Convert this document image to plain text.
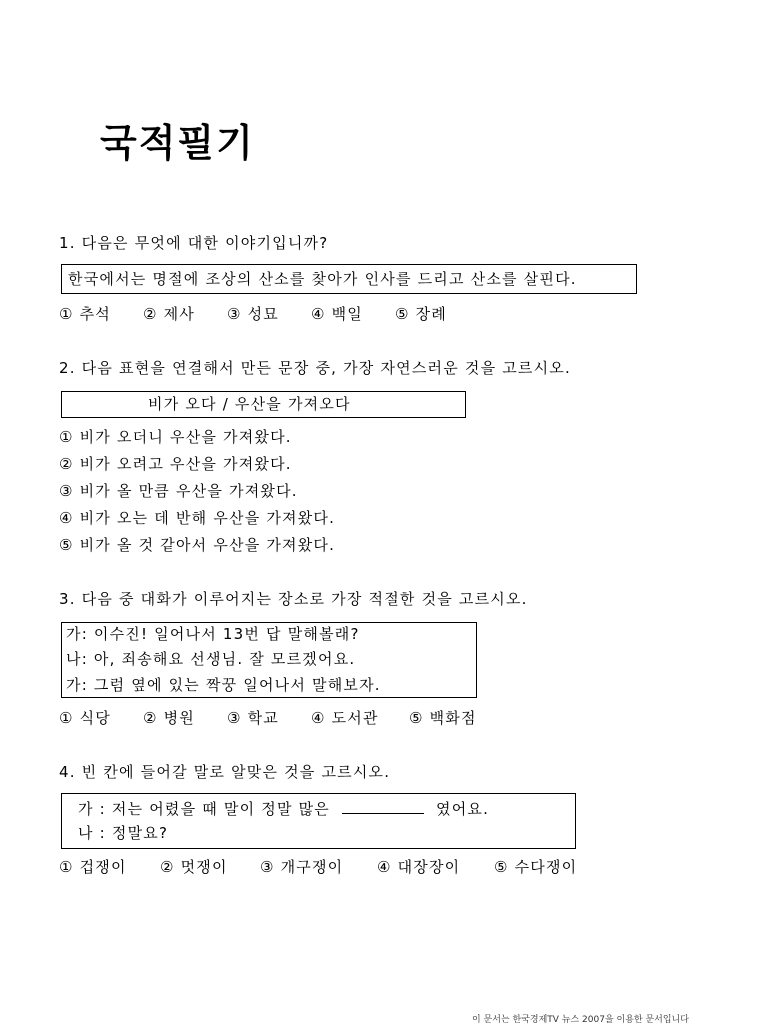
국적필기
1. 다음은 무엇에 대한 이야기입니까?
한국에서는 명절에 조상의 산소를 찾아가 인사를 드리고 산소를 살핀다.
① 추석 ② 제사 ③ 성묘 ④ 백일 ⑤ 장례
2. 다음 표현을 연결해서 만든 문장 중, 가장 자연스러운 것을 고르시오.
비가 오다 / 우산을 가져오다
① 비가 오더니 우산을 가져왔다.
② 비가 오려고 우산을 가져왔다.
③ 비가 올 만큼 우산을 가져왔다.
④ 비가 오는 데 반해 우산을 가져왔다.
⑤ 비가 올 것 같아서 우산을 가져왔다.
3. 다음 중 대화가 이루어지는 장소로 가장 적절한 것을 고르시오.
가: 이수진! 일어나서 13번 답 말해볼래?
나: 아, 죄송해요 선생님. 잘 모르겠어요.
가: 그럼 옆에 있는 짝꿍 일어나서 말해보자.
① 식당 ② 병원 ③ 학교 ④ 도서관 ⑤ 백화점
4. 빈 칸에 들어갈 말로 알맞은 것을 고르시오.
가 : 저는 어렸을 때 말이 정말 많은	였어요.
나 : 정말요?
① 겁쟁이 ② 멋쟁이 ③ 개구쟁이 ④ 대장장이 ⑤ 수다쟁이
이 문서는 한국경제TV 뉴스 2007을 이용한 문서입니다
